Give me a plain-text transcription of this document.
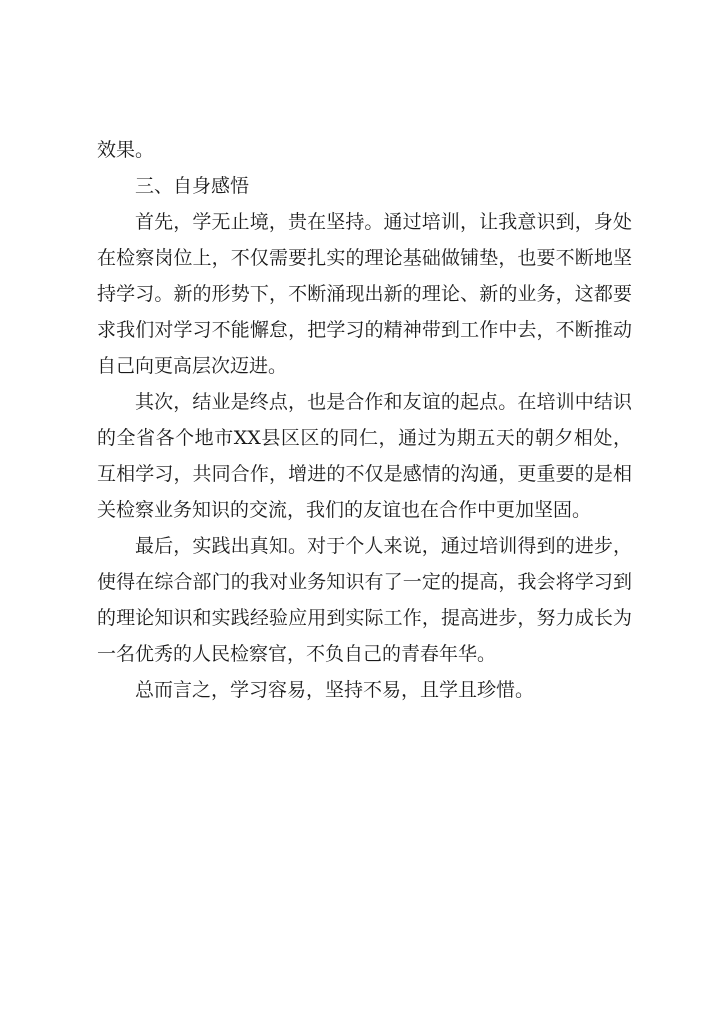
效果。
三、自身感悟
首先，学无止境，贵在坚持。通过培训，让我意识到，身处
在检察岗位上，不仅需要扎实的理论基础做铺垫，也要不断地坚
持学习。新的形势下，不断涌现出新的理论、新的业务，这都要
求我们对学习不能懈怠，把学习的精神带到工作中去，不断推动
自己向更高层次迈进。
其次，结业是终点，也是合作和友谊的起点。在培训中结识
的全省各个地市XX县区区的同仁，通过为期五天的朝夕相处，
互相学习，共同合作，增进的不仅是感情的沟通，更重要的是相
关检察业务知识的交流，我们的友谊也在合作中更加坚固。
最后，实践出真知。对于个人来说，通过培训得到的进步，
使得在综合部门的我对业务知识有了一定的提高，我会将学习到
的理论知识和实践经验应用到实际工作，提高进步，努力成长为
一名优秀的人民检察官，不负自己的青春年华。
总而言之，学习容易，坚持不易，且学且珍惜。
